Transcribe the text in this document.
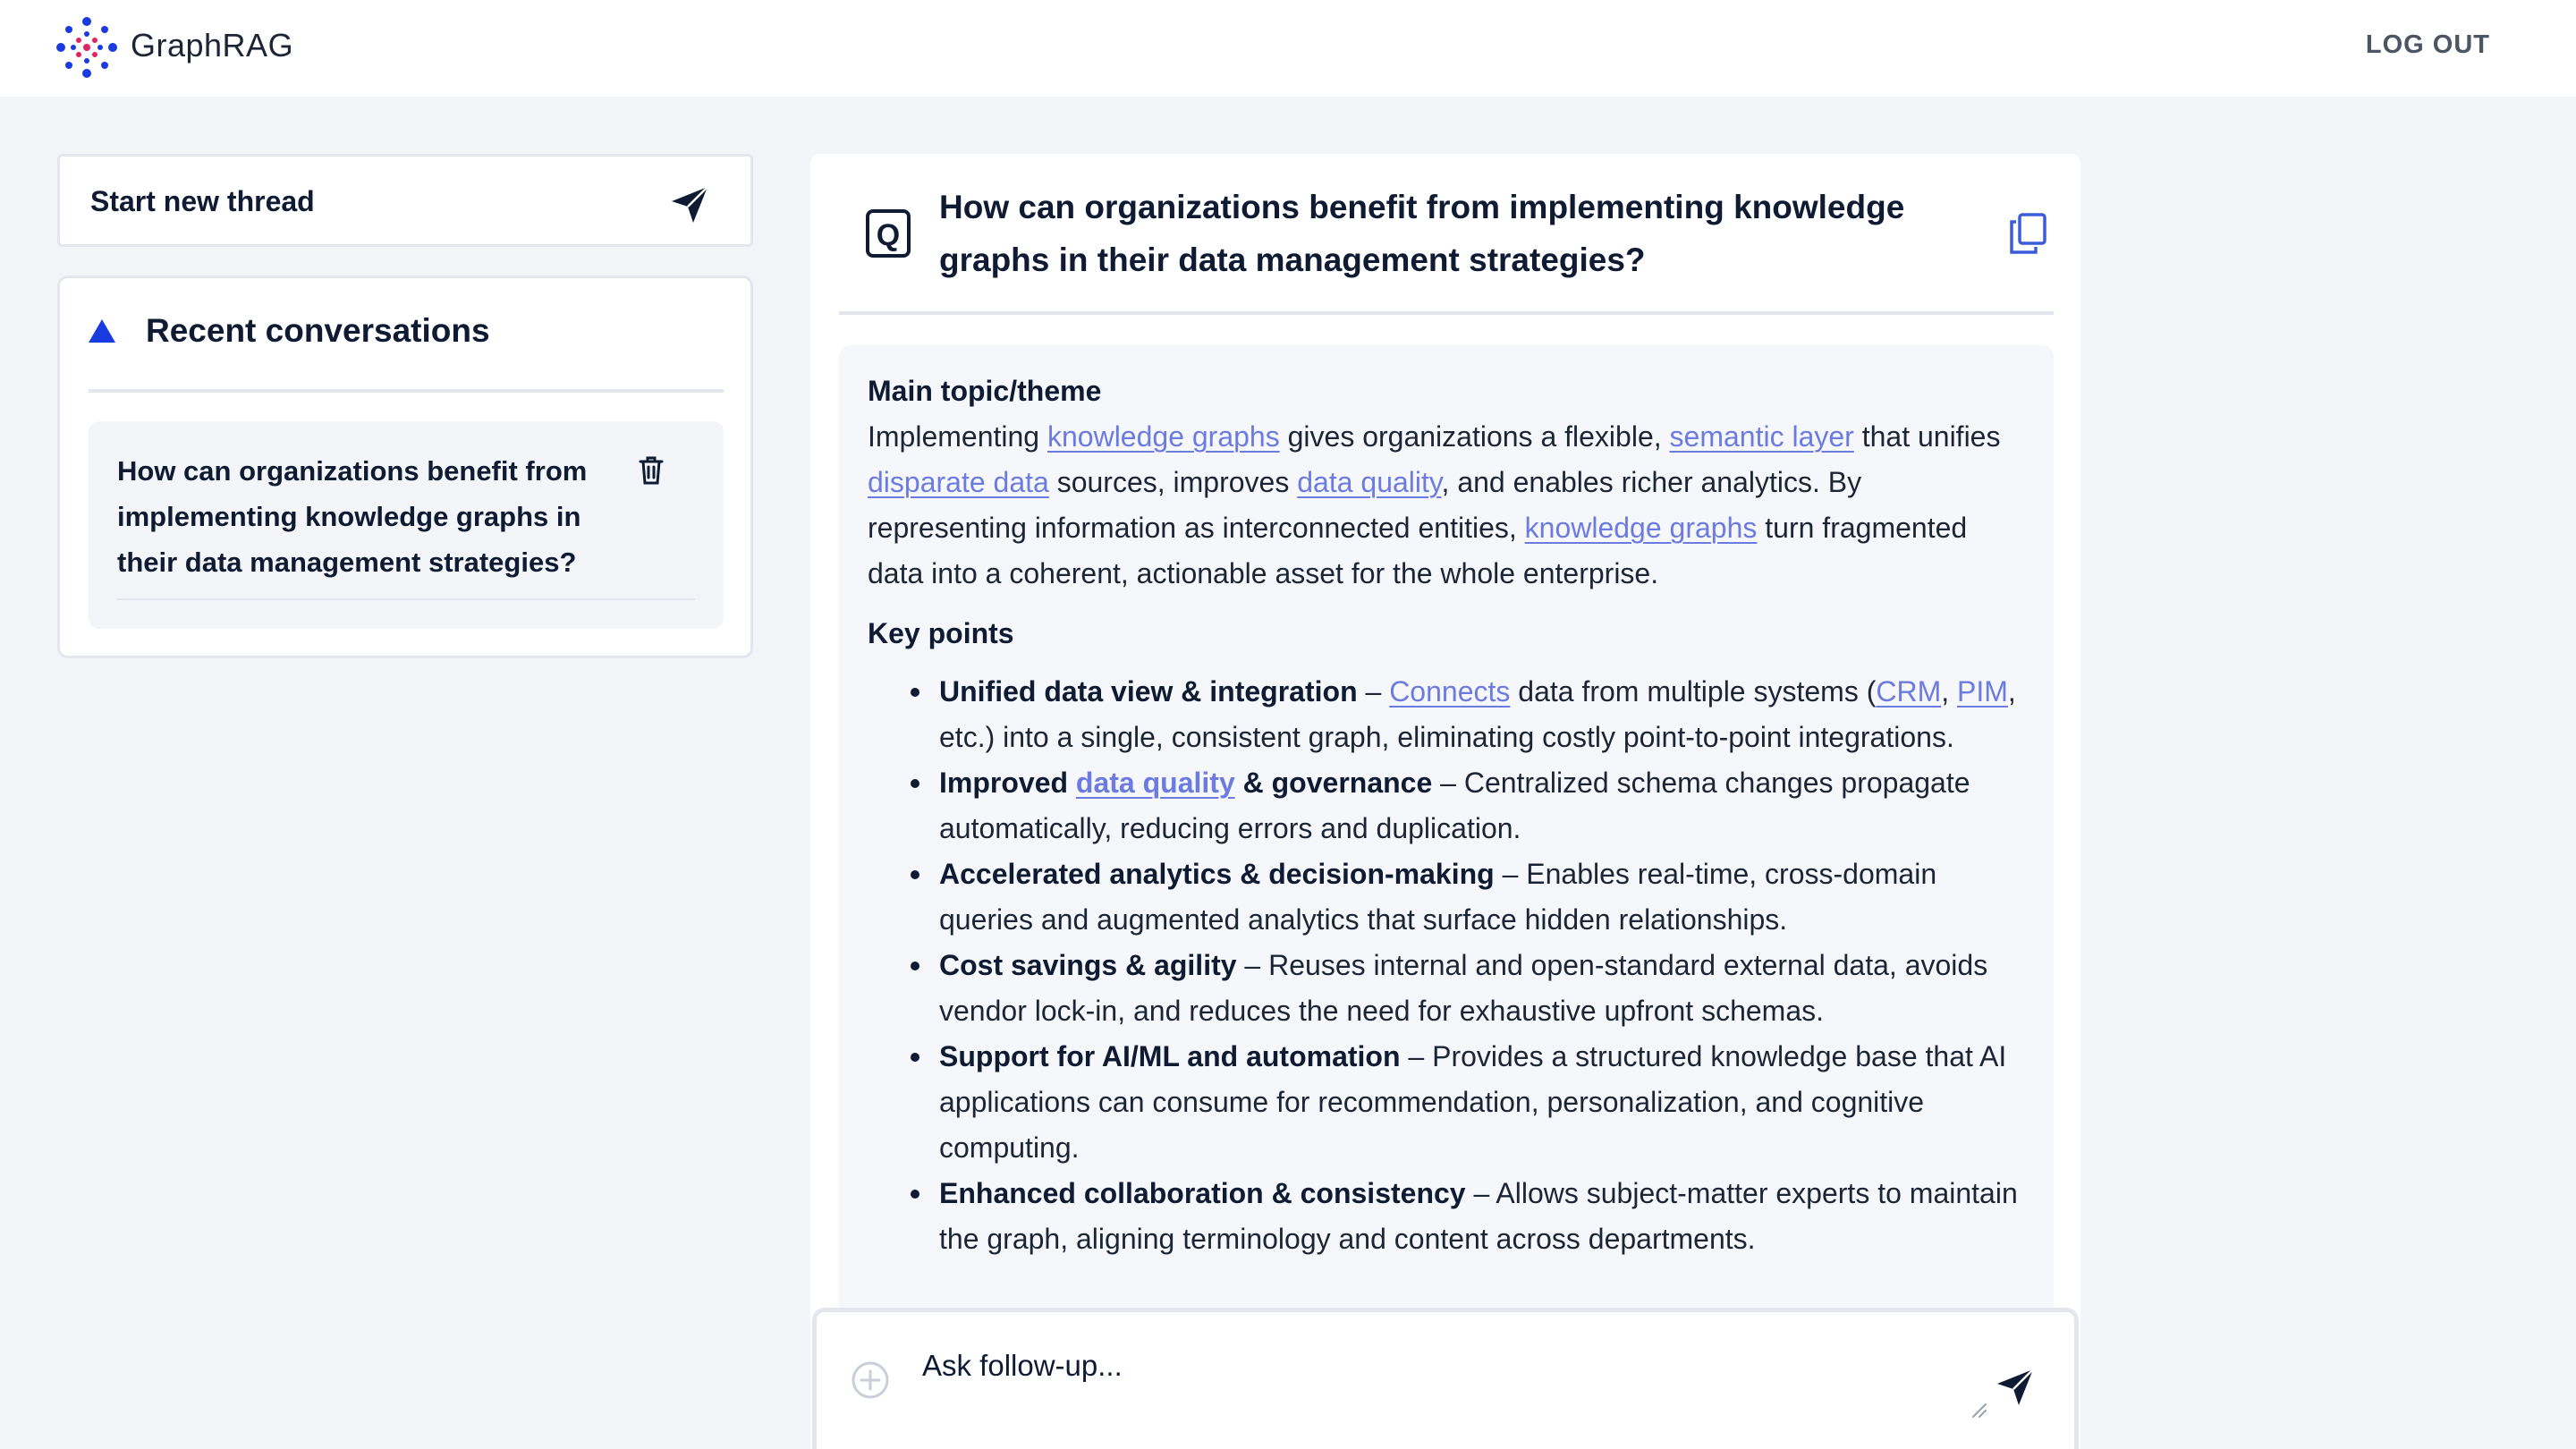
GraphRAG	LOG OUT
Start new thread
Recent conversations
How can organizations benefit from implementing knowledge graphs in their data management strategies?
Q
How can organizations benefit from implementing knowledge graphs in their data management strategies?
Main topic/theme

Implementing knowledge graphs gives organizations a flexible, semantic layer that unifies disparate data sources, improves data quality, and enables richer analytics. By representing information as interconnected entities, knowledge graphs turn fragmented data into a coherent, actionable asset for the whole enterprise.

Key points
Unified data view & integration – Connects data from multiple systems (CRM, PIM, etc.) into a single, consistent graph, eliminating costly point-to-point integrations.
Improved data quality & governance – Centralized schema changes propagate automatically, reducing errors and duplication.
Accelerated analytics & decision-making – Enables real-time, cross-domain queries and augmented analytics that surface hidden relationships.
Cost savings & agility – Reuses internal and open-standard external data, avoids vendor lock-in, and reduces the need for exhaustive upfront schemas.
Support for AI/ML and automation – Provides a structured knowledge base that AI applications can consume for recommendation, personalization, and cognitive computing.
Enhanced collaboration & consistency – Allows subject-matter experts to maintain the graph, aligning terminology and content across departments.
Ask follow-up...
